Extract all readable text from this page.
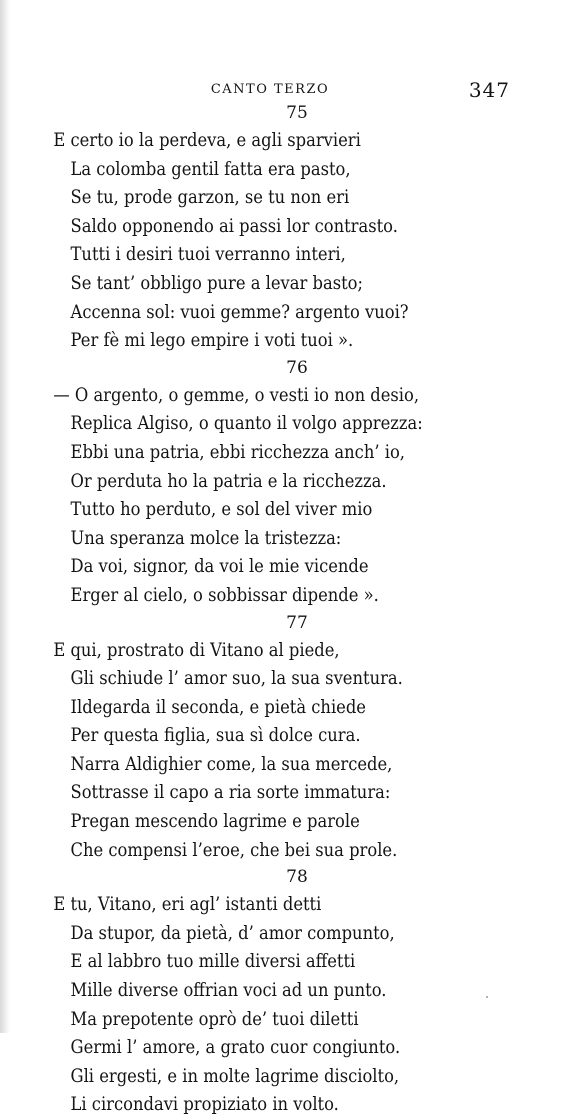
CANTO TERZO	347
75
E certo io la perdeva, e agli sparvieri
La colomba gentil fatta era pasto,
Se tu, prode garzon, se tu non eri
Saldo opponendo ai passi lor contrasto.
Tutti i desiri tuoi verranno interi,
Se tant’ obbligo pure a levar basto;
Accenna sol: vuoi gemme? argento vuoi?
Per fè mi lego empire i voti tuoi ».
76
— O argento, o gemme, o vesti io non desio,
Replica Algiso, o quanto il volgo apprezza:
Ebbi una patria, ebbi ricchezza anch’ io,
Or perduta ho la patria e la ricchezza.
Tutto ho perduto, e sol del viver mio
Una speranza molce la tristezza:
Da voi, signor, da voi le mie vicende
Erger al cielo, o sobbissar dipende ».
77
E qui, prostrato di Vitano al piede,
Gli schiude l’ amor suo, la sua sventura.
Ildegarda il seconda, e pietà chiede
Per questa figlia, sua sì dolce cura.
Narra Aldighier come, la sua mercede,
Sottrasse il capo a ria sorte immatura:
Pregan mescendo lagrime e parole
Che compensi l’eroe, che bei sua prole.
78
E tu, Vitano, eri agl’ istanti detti
Da stupor, da pietà, d’ amor compunto,
E al labbro tuo mille diversi affetti
Mille diverse offrian voci ad un punto.
Ma prepotente oprò de’ tuoi diletti
Germi l’ amore, a grato cuor congiunto.
Gli ergesti, e in molte lagrime disciolto,
Li circondavi propiziato in volto.
